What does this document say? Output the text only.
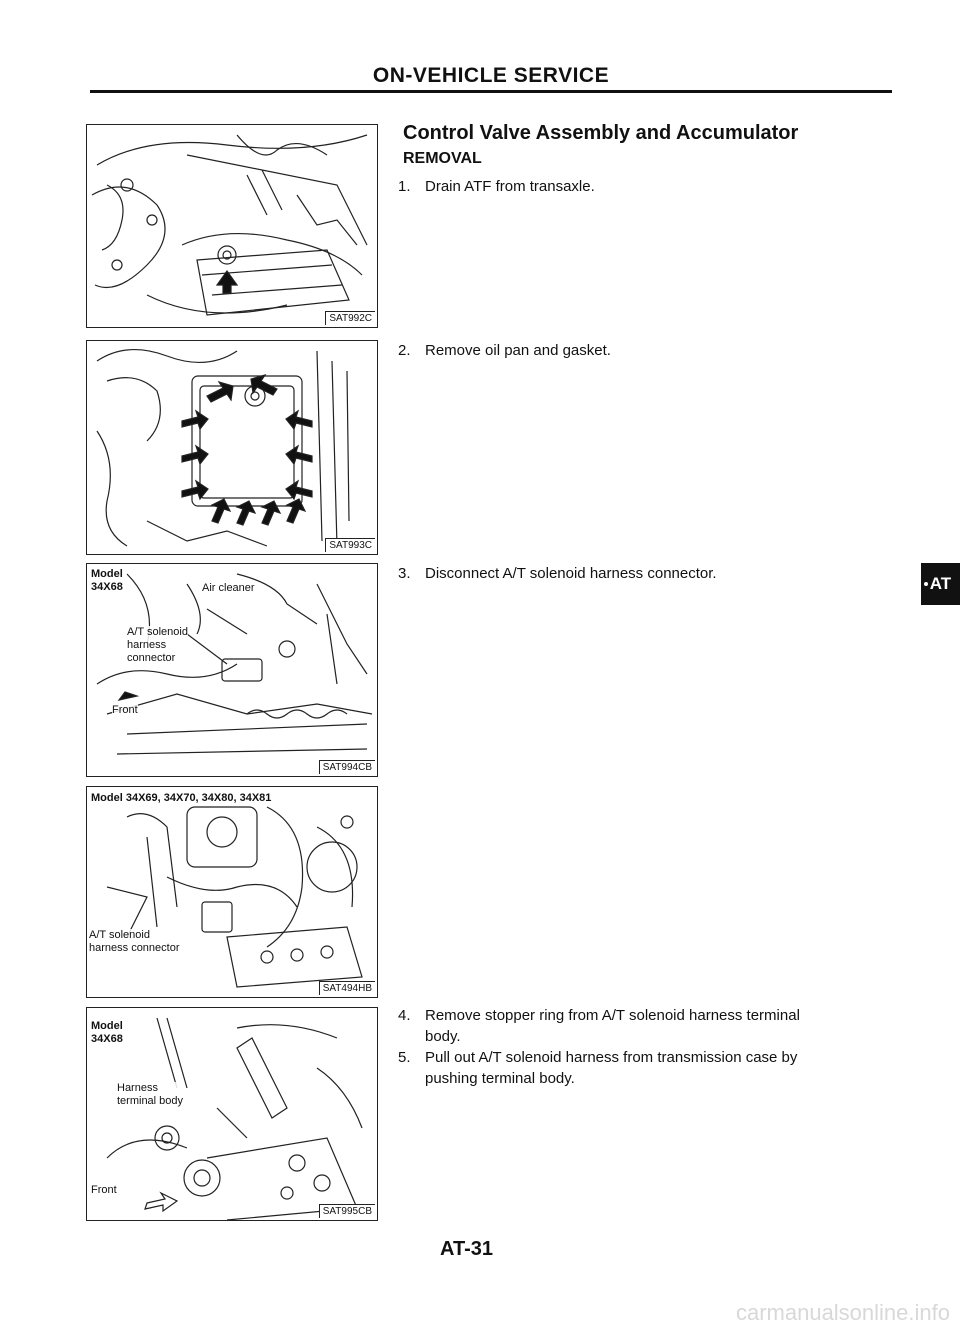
ON-VEHICLE SERVICE
SAT992C
SAT993C
Model
34X68	Air cleaner
A/T solenoid
harness
connector
Front
SAT994CB
Model 34X69, 34X70, 34X80, 34X81
A/T solenoid
harness connector
SAT494HB
Model
34X68
Harness
terminal body
Front
SAT995CB
Control Valve Assembly and Accumulator
REMOVAL
1. Drain ATF from transaxle.
2. Remove oil pan and gasket.
3. Disconnect A/T solenoid harness connector.
4. Remove stopper ring from A/T solenoid harness terminal
body.
5. Pull out A/T solenoid harness from transmission case by
pushing terminal body.
AT
AT-31
carmanualsonline.info
